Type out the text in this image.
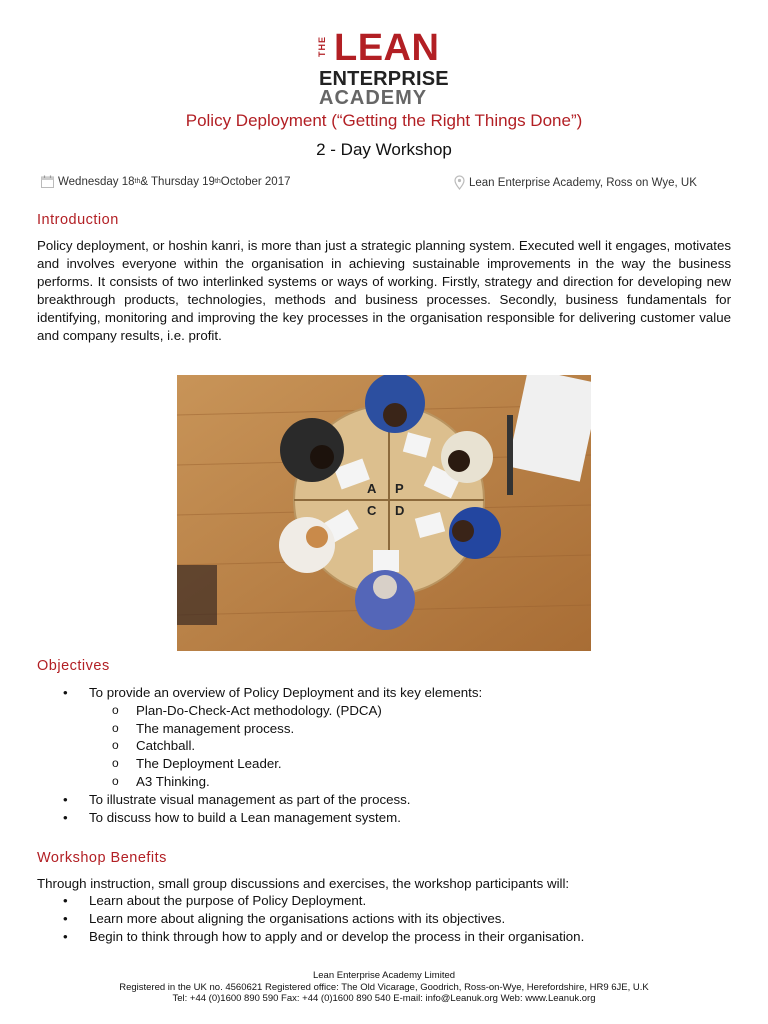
THE LEAN
ENTERPRISE
ACADEMY
Policy Deployment (“Getting the Right Things Done”)
2 - Day Workshop
Wednesday 18 th & Thursday 19 th October 2017	Lean Enterprise Academy, Ross on Wye, UK
Introduction

Policy deployment, or hoshin kanri, is more than just a strategic planning system. Executed well it engages, motivates and involves everyone within the organisation in achieving sustainable improvements in the way the business performs. It consists of two interlinked systems or ways of working. Firstly, strategy and direction for developing new breakthrough products, technologies, methods and business processes. Secondly, business fundamentals for identifying, monitoring and improving the key processes in the organisation responsible for delivering customer value and company results, i.e. profit.

A P
C D
Objectives
• To provide an overview of Policy Deployment and its key elements:
o Plan-Do-Check-Act methodology. (PDCA)
o The management process.
o Catchball.
o The Deployment Leader.
o A3 Thinking.
• To illustrate visual management as part of the process.
• To discuss how to build a Lean management system.
Workshop Benefits

Through instruction, small group discussions and exercises, the workshop participants will:

• Learn about the purpose of Policy Deployment.
• Learn more about aligning the organisations actions with its objectives.
• Begin to think through how to apply and or develop the process in their organisation.
Lean Enterprise Academy Limited
Registered in the UK no. 4560621 Registered office: The Old Vicarage, Goodrich, Ross-on-Wye, Herefordshire, HR9 6JE, U.K
Tel: +44 (0)1600 890 590 Fax: +44 (0)1600 890 540 E-mail: info@Leanuk.org Web: www.Leanuk.org
